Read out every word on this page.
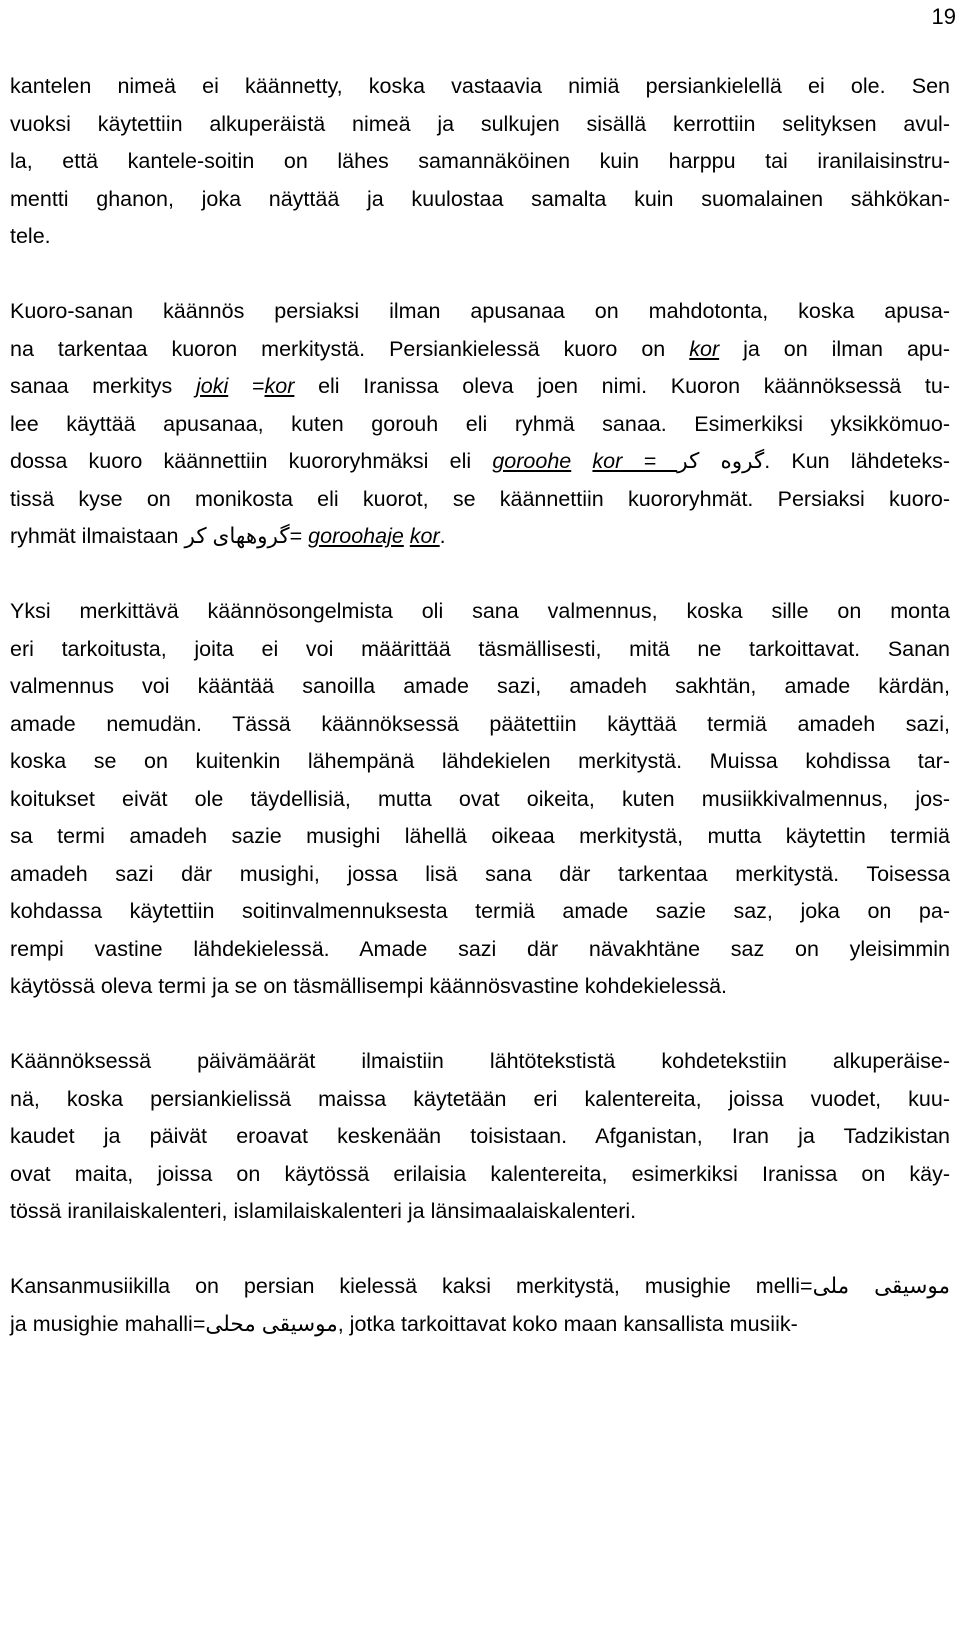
19

kantelen nimeä ei käännetty, koska vastaavia nimiä persiankielellä ei ole. Sen
vuoksi käytettiin alkuperäistä nimeä ja sulkujen sisällä kerrottiin selityksen avul-
la, että kantele-soitin on lähes samannäköinen kuin harppu tai iranilaisinstru-
mentti ghanon, joka näyttää ja kuulostaa samalta kuin suomalainen sähkökan-
tele.

Kuoro-sanan käännös persiaksi ilman apusanaa on mahdotonta, koska apusa-
na tarkentaa kuoron merkitystä. Persiankielessä kuoro on kor ja on ilman apu-
sanaa merkitys joki =kor eli Iranissa oleva joen nimi. Kuoron käännöksessä tu-
lee käyttää apusanaa, kuten gorouh eli ryhmä sanaa. Esimerkiksi yksikkömuo-
dossa kuoro käännettiin kuororyhmäksi eli goroohe kor = گروه کر. Kun lähdeteks-
tissä kyse on monikosta eli kuorot, se käännettiin kuororyhmät. Persiaksi kuoro-
ryhmät ilmaistaan گروههای کر= goroohaje kor.

Yksi merkittävä käännösongelmista oli sana valmennus, koska sille on monta
eri tarkoitusta, joita ei voi määrittää täsmällisesti, mitä ne tarkoittavat. Sanan
valmennus voi kääntää sanoilla amade sazi, amadeh sakhtän, amade kärdän,
amade nemudän. Tässä käännöksessä päätettiin käyttää termiä amadeh sazi,
koska se on kuitenkin lähempänä lähdekielen merkitystä. Muissa kohdissa tar-
koitukset eivät ole täydellisiä, mutta ovat oikeita, kuten musiikkivalmennus, jos-
sa termi amadeh sazie musighi lähellä oikeaa merkitystä, mutta käytettin termiä
amadeh sazi där musighi, jossa lisä sana där tarkentaa merkitystä. Toisessa
kohdassa käytettiin soitinvalmennuksesta termiä amade sazie saz, joka on pa-
rempi vastine lähdekielessä. Amade sazi där nävakhtäne saz on yleisimmin
käytössä oleva termi ja se on täsmällisempi käännösvastine kohdekielessä.

Käännöksessä päivämäärät ilmaistiin lähtötekstistä kohdetekstiin alkuperäise-
nä, koska persiankielissä maissa käytetään eri kalentereita, joissa vuodet, kuu-
kaudet ja päivät eroavat keskenään toisistaan. Afganistan, Iran ja Tadzikistan
ovat maita, joissa on käytössä erilaisia kalentereita, esimerkiksi Iranissa on käy-
tössä iranilaiskalenteri, islamilaiskalenteri ja länsimaalaiskalenteri.

Kansanmusiikilla on persian kielessä kaksi merkitystä, musighie melli=موسیقی ملی
ja musighie mahalli=موسیقی محلی, jotka tarkoittavat koko maan kansallista musiik-
